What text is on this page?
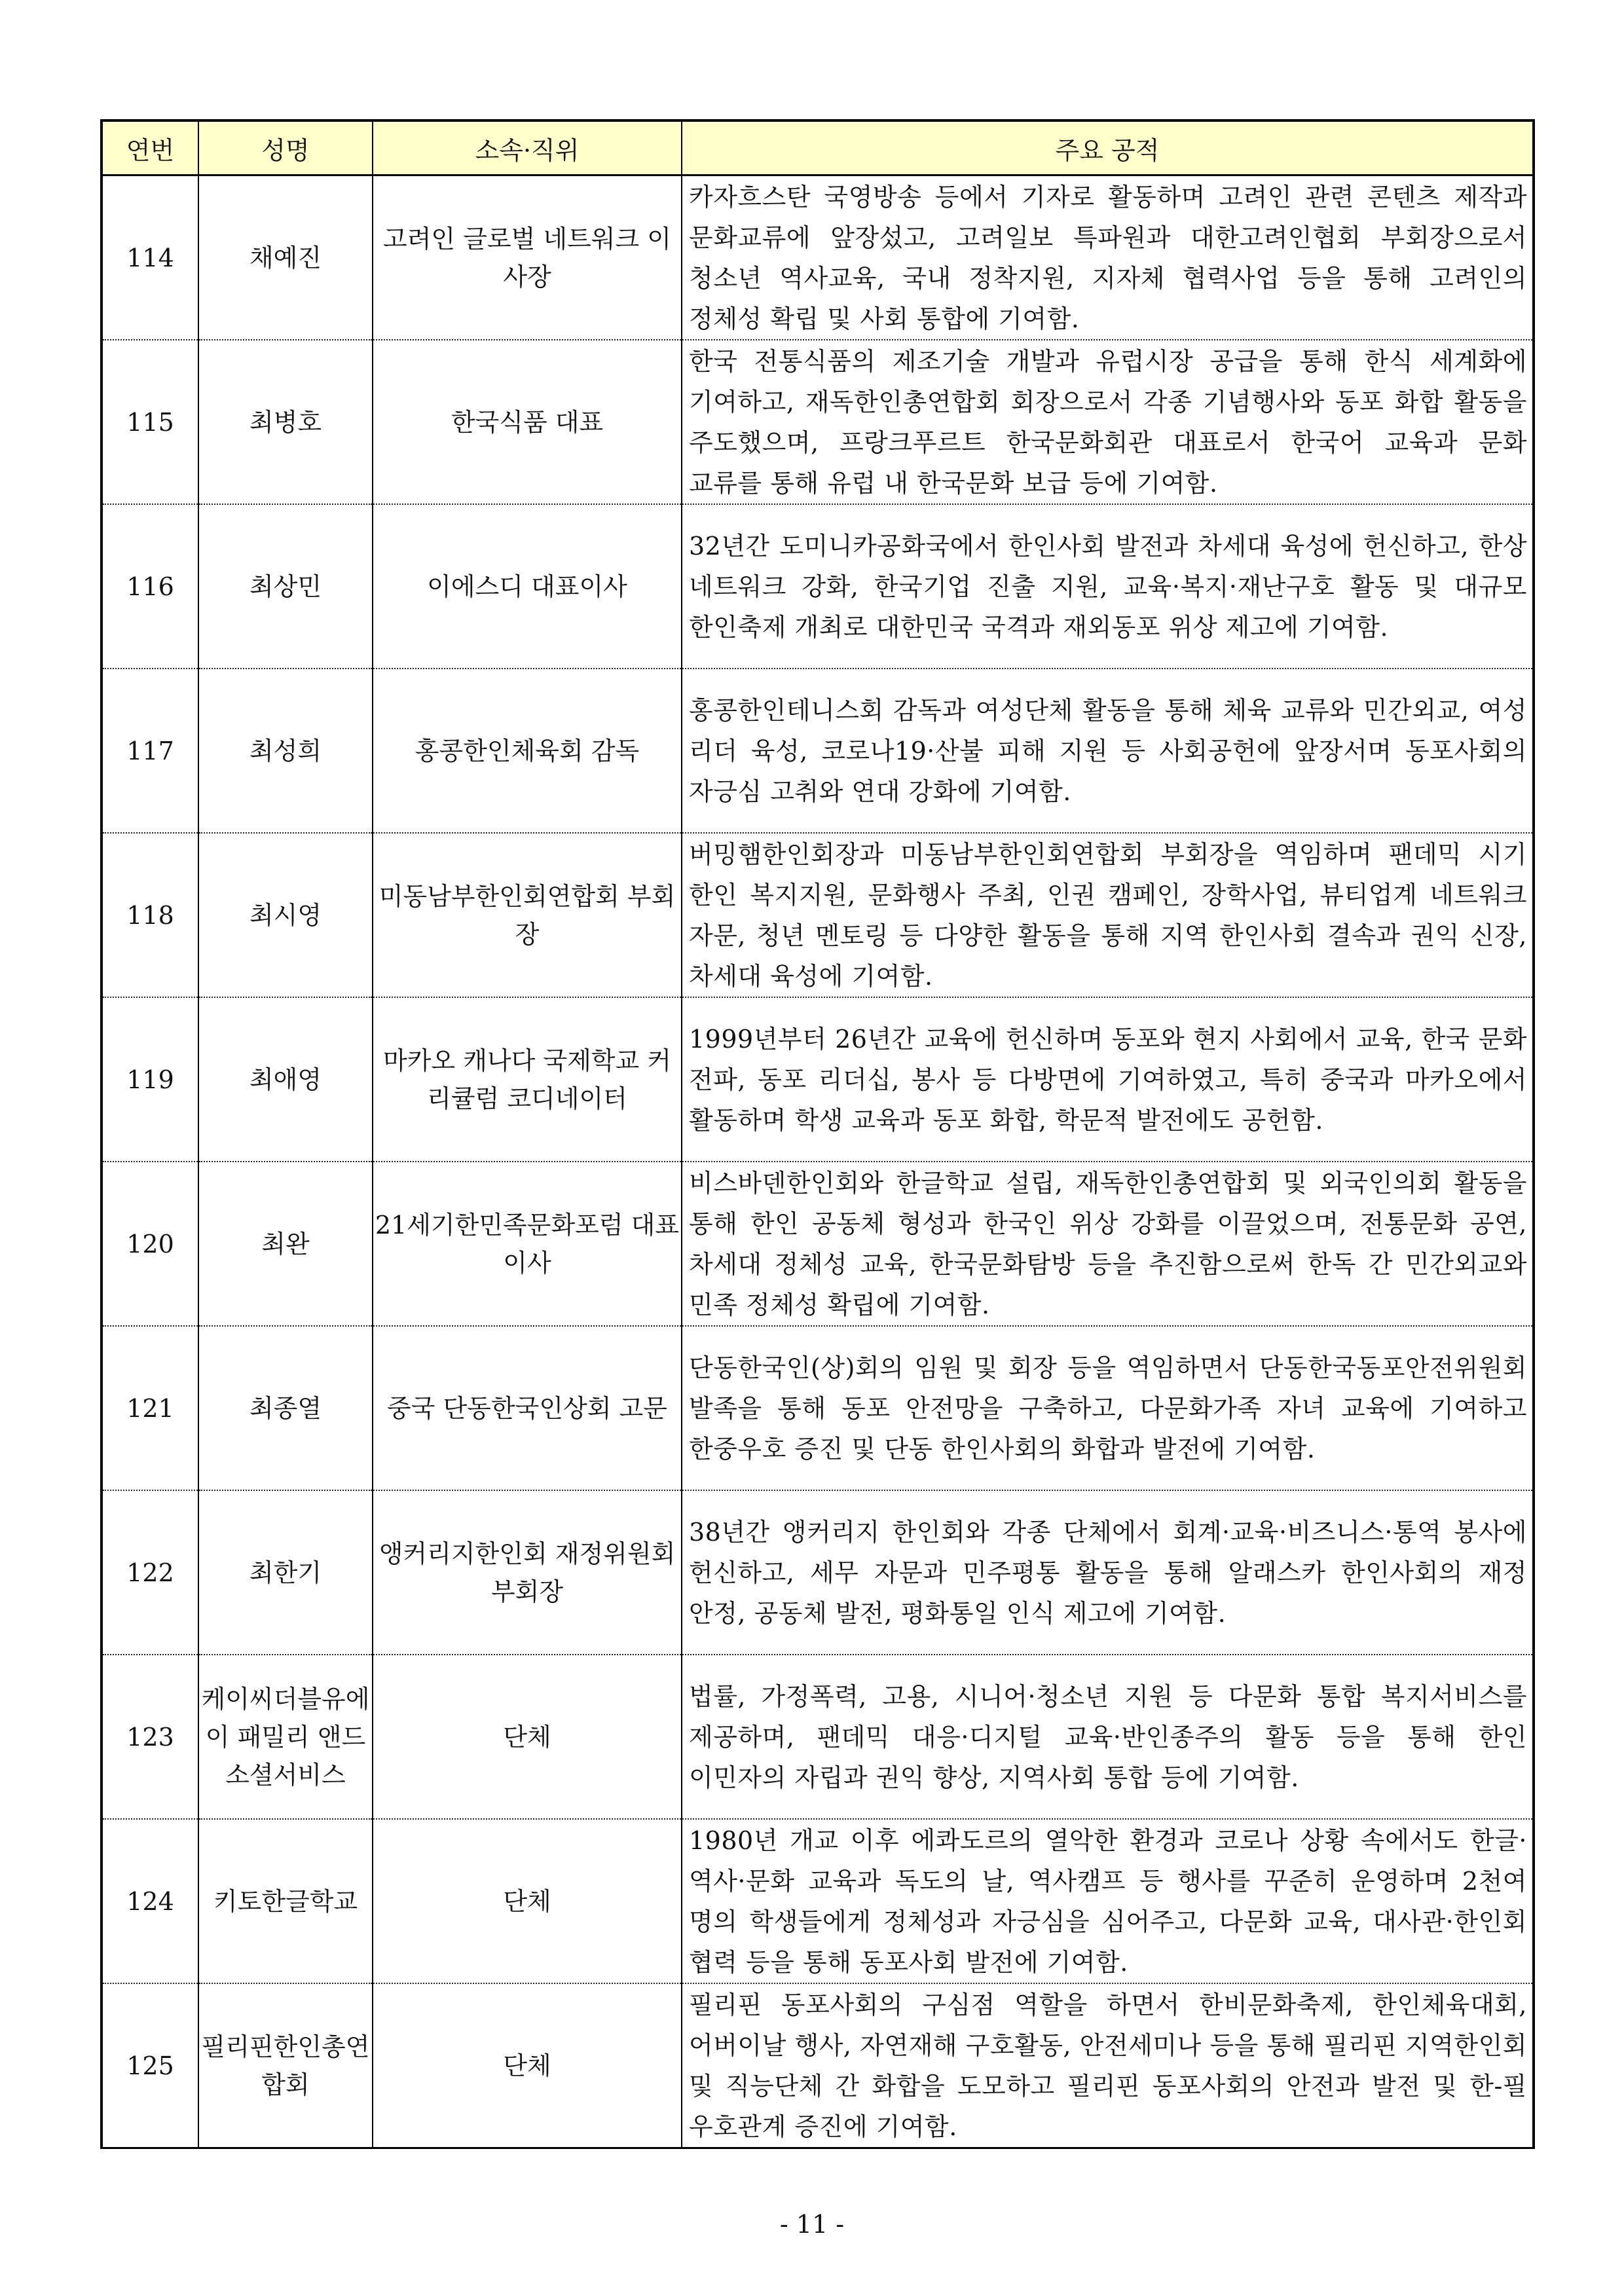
연번	성명	소속·직위	주요 공적
114	채예진	고려인 글로벌 네트워크 이사장	카자흐스탄 국영방송 등에서 기자로 활동하며 고려인 관련 콘텐츠 제작과 문화교류에 앞장섰고, 고려일보 특파원과 대한고려인협회 부회장으로서 청소년 역사교육, 국내 정착지원, 지자체 협력사업 등을 통해 고려인의 정체성 확립 및 사회 통합에 기여함.
115	최병호	한국식품 대표	한국 전통식품의 제조기술 개발과 유럽시장 공급을 통해 한식 세계화에 기여하고, 재독한인총연합회 회장으로서 각종 기념행사와 동포 화합 활동을 주도했으며, 프랑크푸르트 한국문화회관 대표로서 한국어 교육과 문화 교류를 통해 유럽 내 한국문화 보급 등에 기여함.
116	최상민	이에스디 대표이사	32년간 도미니카공화국에서 한인사회 발전과 차세대 육성에 헌신하고, 한상 네트워크 강화, 한국기업 진출 지원, 교육·복지·재난구호 활동 및 대규모 한인축제 개최로 대한민국 국격과 재외동포 위상 제고에 기여함.
117	최성희	홍콩한인체육회 감독	홍콩한인테니스회 감독과 여성단체 활동을 통해 체육 교류와 민간외교, 여성 리더 육성, 코로나19·산불 피해 지원 등 사회공헌에 앞장서며 동포사회의 자긍심 고취와 연대 강화에 기여함.
118	최시영	미동남부한인회연합회 부회장	버밍햄한인회장과 미동남부한인회연합회 부회장을 역임하며 팬데믹 시기 한인 복지지원, 문화행사 주최, 인권 캠페인, 장학사업, 뷰티업계 네트워크 자문, 청년 멘토링 등 다양한 활동을 통해 지역 한인사회 결속과 권익 신장, 차세대 육성에 기여함.
119	최애영	마카오 캐나다 국제학교 커리큘럼 코디네이터	1999년부터 26년간 교육에 헌신하며 동포와 현지 사회에서 교육, 한국 문화 전파, 동포 리더십, 봉사 등 다방면에 기여하였고, 특히 중국과 마카오에서 활동하며 학생 교육과 동포 화합, 학문적 발전에도 공헌함.
120	최완	21세기한민족문화포럼 대표이사	비스바덴한인회와 한글학교 설립, 재독한인총연합회 및 외국인의회 활동을 통해 한인 공동체 형성과 한국인 위상 강화를 이끌었으며, 전통문화 공연, 차세대 정체성 교육, 한국문화탐방 등을 추진함으로써 한독 간 민간외교와 민족 정체성 확립에 기여함.
121	최종열	중국 단동한국인상회 고문	단동한국인(상)회의 임원 및 회장 등을 역임하면서 단동한국동포안전위원회 발족을 통해 동포 안전망을 구축하고, 다문화가족 자녀 교육에 기여하고 한중우호 증진 및 단동 한인사회의 화합과 발전에 기여함.
122	최한기	앵커리지한인회 재정위원회 부회장	38년간 앵커리지 한인회와 각종 단체에서 회계·교육·비즈니스·통역 봉사에 헌신하고, 세무 자문과 민주평통 활동을 통해 알래스카 한인사회의 재정 안정, 공동체 발전, 평화통일 인식 제고에 기여함.
123	케이씨더블유에이 패밀리 앤드소셜서비스	단체	법률, 가정폭력, 고용, 시니어·청소년 지원 등 다문화 통합 복지서비스를 제공하며, 팬데믹 대응·디지털 교육·반인종주의 활동 등을 통해 한인 이민자의 자립과 권익 향상, 지역사회 통합 등에 기여함.
124	키토한글학교	단체	1980년 개교 이후 에콰도르의 열악한 환경과 코로나 상황 속에서도 한글·역사·문화 교육과 독도의 날, 역사캠프 등 행사를 꾸준히 운영하며 2천여 명의 학생들에게 정체성과 자긍심을 심어주고, 다문화 교육, 대사관·한인회 협력 등을 통해 동포사회 발전에 기여함.
125	필리핀한인총연합회	단체	필리핀 동포사회의 구심점 역할을 하면서 한비문화축제, 한인체육대회, 어버이날 행사, 자연재해 구호활동, 안전세미나 등을 통해 필리핀 지역한인회 및 직능단체 간 화합을 도모하고 필리핀 동포사회의 안전과 발전 및 한-필 우호관계 증진에 기여함.
- 11 -
